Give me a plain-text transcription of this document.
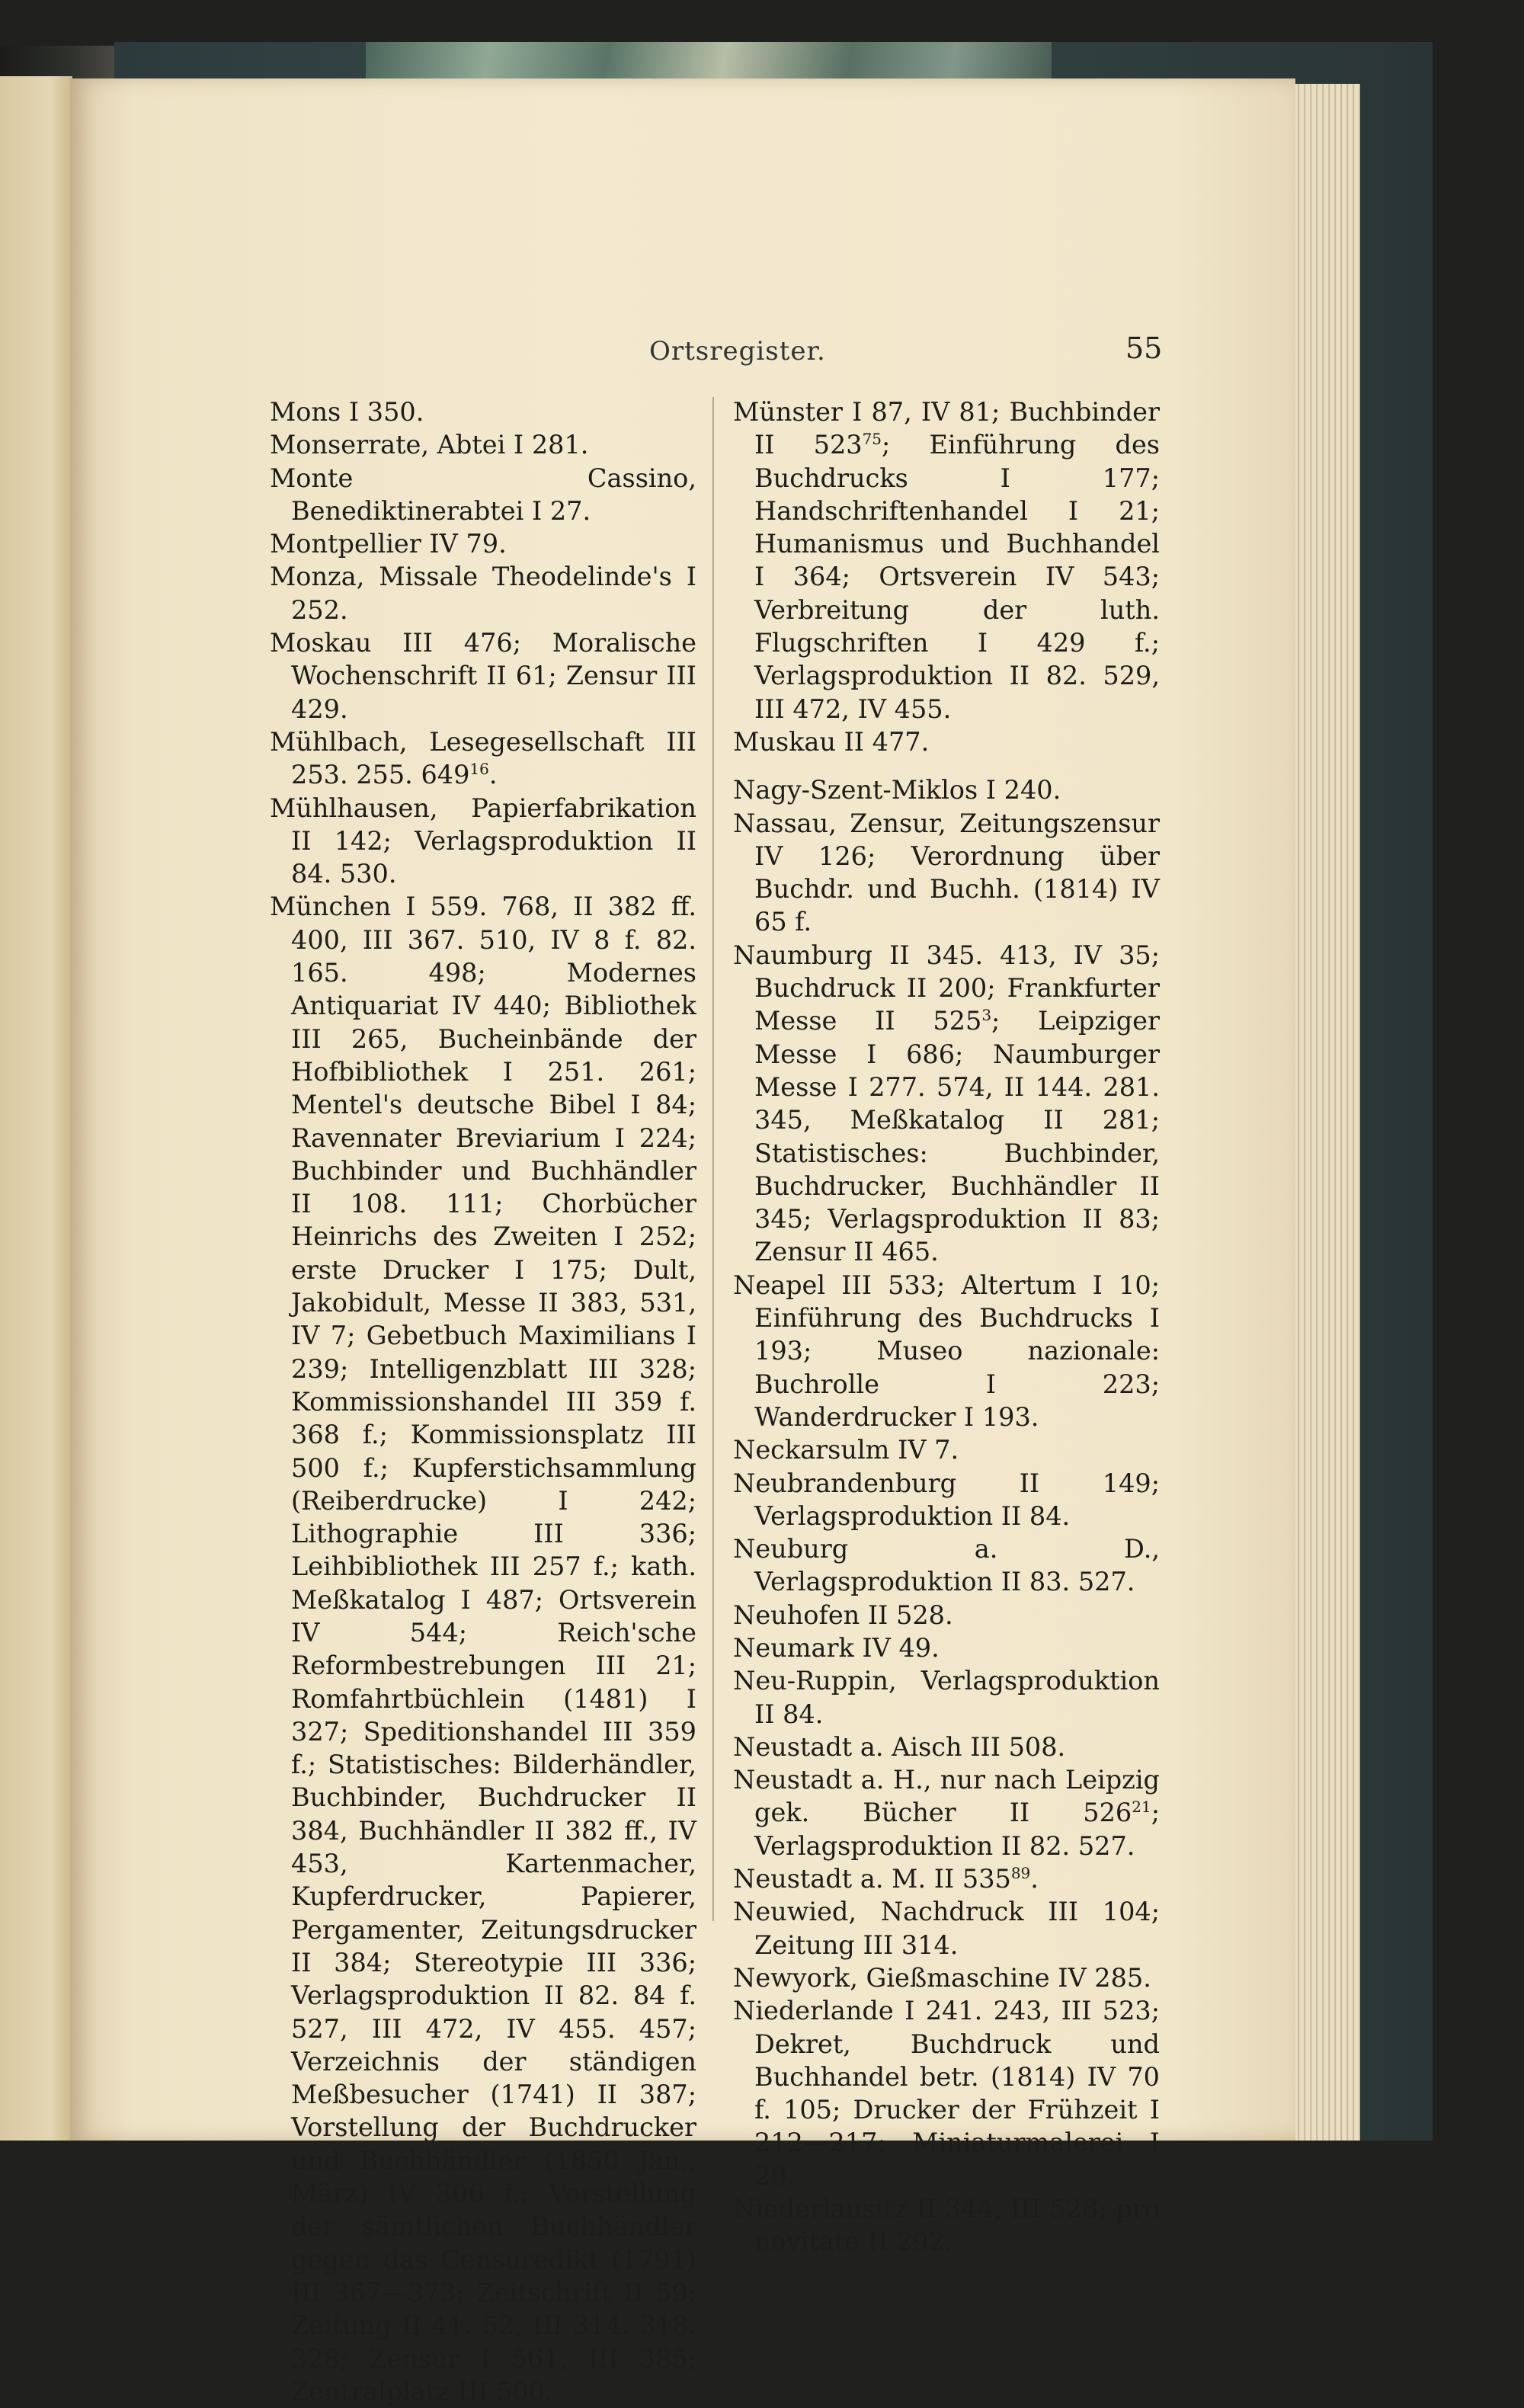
Ortsregister.	55

Mons I 350.

Monserrate, Abtei I 281.

Monte Cassino, Benediktinerabtei I 27.

Montpellier IV 79.

Monza, Missale Theodelinde's I 252.

Moskau III 476; Moralische Wochenschrift II 61; Zensur III 429.

Mühlbach, Lesegesellschaft III 253. 255. $649^{16}$.

Mühlhausen, Papierfabrikation II 142; Verlagsproduktion II 84. 530.

München I 559. 768, II 382 ff. 400, III 367. 510, IV 8 f. 82. 165. 498; Modernes Antiquariat IV 440; Bibliothek III 265, Bucheinbände der Hofbibliothek I 251. 261; Mentel's deutsche Bibel I 84; Ravennater Breviarium I 224; Buchbinder und Buchhändler II 108. 111; Chorbücher Heinrichs des Zweiten I 252; erste Drucker I 175; Dult, Jakobidult, Messe II 383, 531, IV 7; Gebetbuch Maximilians I 239; Intelligenzblatt III 328; Kommissionshandel III 359 f. 368 f.; Kommissionsplatz III 500 f.; Kupferstichsammlung (Reiberdrucke) I 242; Lithographie III 336; Leihbibliothek III 257 f.; kath. Meßkatalog I 487; Ortsverein IV 544; Reich'sche Reformbestrebungen III 21; Romfahrtbüchlein (1481) I 327; Speditionshandel III 359 f.; Statistisches: Bilderhändler, Buchbinder, Buchdrucker II 384, Buchhändler II 382 ff., IV 453, Kartenmacher, Kupferdrucker, Papierer, Pergamenter, Zeitungsdrucker II 384; Stereotypie III 336; Verlagsproduktion II 82. 84 f. 527, III 472, IV 455. 457; Verzeichnis der ständigen Meßbesucher (1741) II 387; Vorstellung der Buchdrucker und Buchhändler (1850 Jan., März) IV 306 f.; Vorstellung der sämtlichen Buchhändler gegen das Censuredikt (1791) III 367—373; Zeitschrift II 59; Zeitung II 41. 52, III 314. 318. 328; Zensur I 561, III 385; Zentralplatz III 500.

Münster I 87, IV 81; Buchbinder II $523^{75}$; Einführung des Buchdrucks I 177; Handschriftenhandel I 21; Humanismus und Buchhandel I 364; Ortsverein IV 543; Verbreitung der luth. Flugschriften I 429 f.; Verlagsproduktion II 82. 529, III 472, IV 455.

Muskau II 477.

Nagy-Szent-Miklos I 240.

Nassau, Zensur, Zeitungszensur IV 126; Verordnung über Buchdr. und Buchh. (1814) IV 65 f.

Naumburg II 345. 413, IV 35; Buchdruck II 200; Frankfurter Messe II $525^3$; Leipziger Messe I 686; Naumburger Messe I 277. 574, II 144. 281. 345, Meßkatalog II 281; Statistisches: Buchbinder, Buchdrucker, Buchhändler II 345; Verlagsproduktion II 83; Zensur II 465.

Neapel III 533; Altertum I 10; Einführung des Buchdrucks I 193; Museo nazionale: Buchrolle I 223; Wanderdrucker I 193.

Neckarsulm IV 7.

Neubrandenburg II 149; Verlagsproduktion II 84.

Neuburg a. D., Verlagsproduktion II 83. 527.

Neuhofen II 528.

Neumark IV 49.

Neu-Ruppin, Verlagsproduktion II 84.

Neustadt a. Aisch III 508.

Neustadt a. H., nur nach Leipzig gek. Bücher II $526^{21}$; Verlagsproduktion II 82. 527.

Neustadt a. M. II $535^{89}$.

Neuwied, Nachdruck III 104; Zeitung III 314.

Newyork, Gießmaschine IV 285.

Niederlande I 241. 243, III 523; Dekret, Buchdruck und Buchhandel betr. (1814) IV 70 f. 105; Drucker der Frühzeit I 212—217; Miniaturmalerei I 20.

Niederlausitz II 344, III 528; pro novitate II 292.
